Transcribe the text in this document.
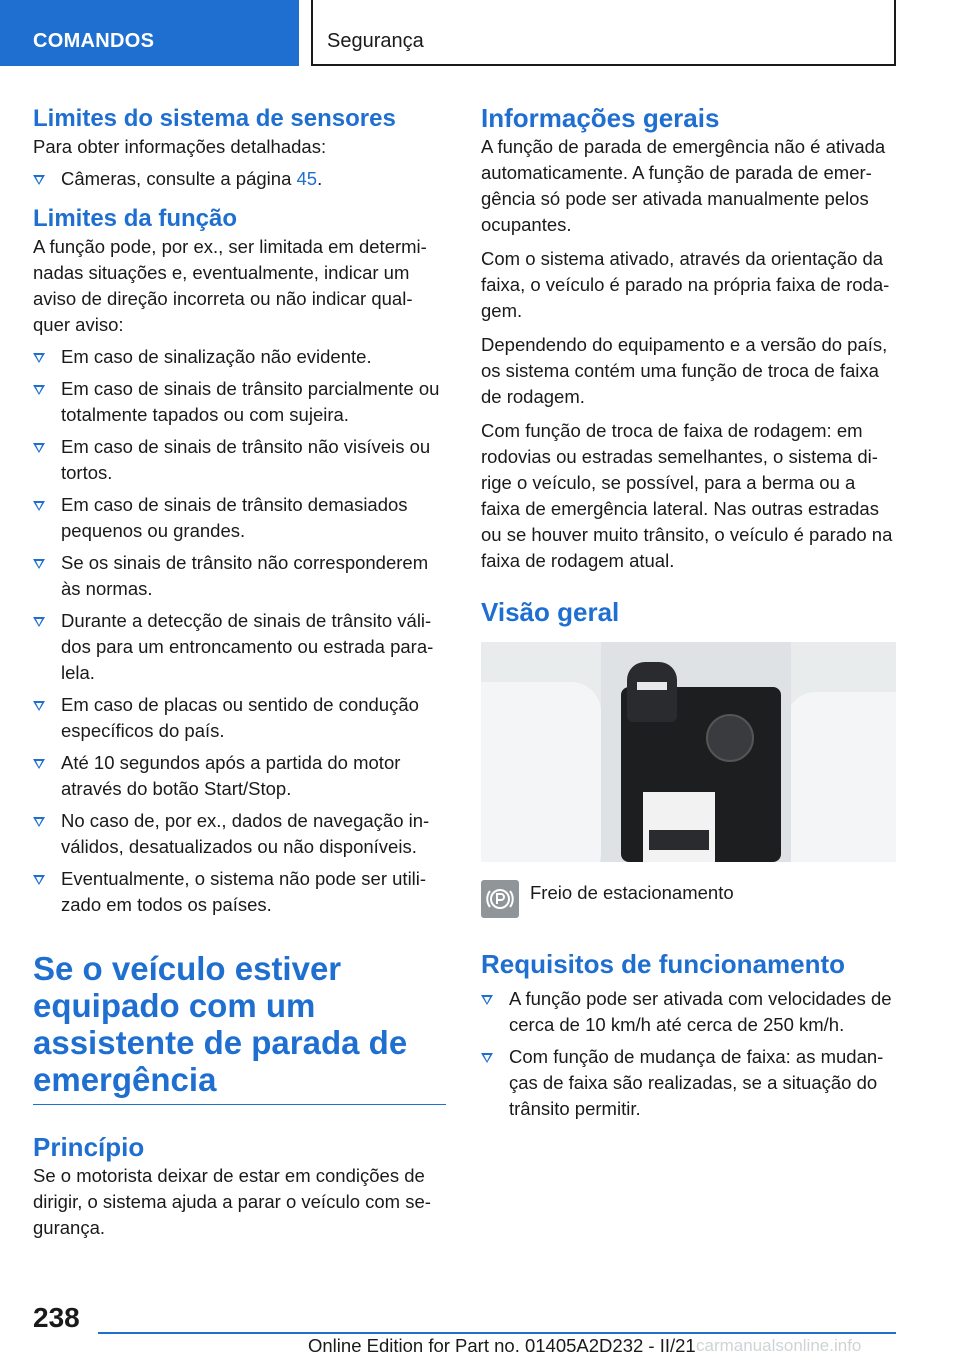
COMANDOS	Segurança
Limites do sistema de sensores

Para obter informações detalhadas:

Câmeras, consulte a página 45.
Limites da função

A função pode, por ex., ser limitada em determi-nadas situações e, eventualmente, indicar um aviso de direção incorreta ou não indicar qual-quer aviso:

Em caso de sinalização não evidente.
Em caso de sinais de trânsito parcialmente ou totalmente tapados ou com sujeira.
Em caso de sinais de trânsito não visíveis ou tortos.
Em caso de sinais de trânsito demasiados pequenos ou grandes.
Se os sinais de trânsito não corresponderem às normas.
Durante a detecção de sinais de trânsito váli-dos para um entroncamento ou estrada para-lela.
Em caso de placas ou sentido de condução específicos do país.
Até 10 segundos após a partida do motor através do botão Start/Stop.
No caso de, por ex., dados de navegação in-válidos, desatualizados ou não disponíveis.
Eventualmente, o sistema não pode ser utili-zado em todos os países.
Se o veículo estiver equipado com um assistente de parada de emergência
Princípio

Se o motorista deixar de estar em condições de dirigir, o sistema ajuda a parar o veículo com se-gurança.

Informações gerais

A função de parada de emergência não é ativada automaticamente. A função de parada de emer-gência só pode ser ativada manualmente pelos ocupantes.

Com o sistema ativado, através da orientação da faixa, o veículo é parado na própria faixa de roda-gem.

Dependendo do equipamento e a versão do país, os sistema contém uma função de troca de faixa de rodagem.

Com função de troca de faixa de rodagem: em rodovias ou estradas semelhantes, o sistema di-rige o veículo, se possível, para a berma ou a faixa de emergência lateral. Nas outras estradas ou se houver muito trânsito, o veículo é parado na faixa de rodagem atual.

Visão geral
Freio de estacionamento
Requisitos de funcionamento
A função pode ser ativada com velocidades de cerca de 10 km/h até cerca de 250 km/h.
Com função de mudança de faixa: as mudan-ças de faixa são realizadas, se a situação do trânsito permitir.
238
Online Edition for Part no. 01405A2D232 - II/21 carmanualsonline.info
